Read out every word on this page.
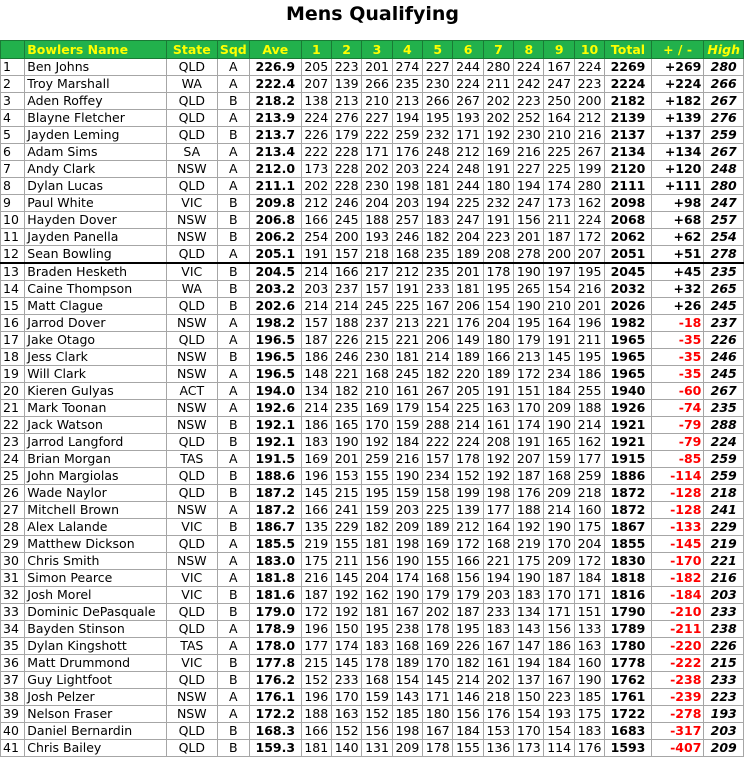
Mens Qualifying
	Bowlers Name	State	Sqd	Ave	1	2	3	4	5	6	7	8	9	10	Total	+ / -	High
1	Ben Johns	QLD	A	226.9	205	223	201	274	227	244	280	224	167	224	2269	+269	280
2	Troy Marshall	WA	A	222.4	207	139	266	235	230	224	211	242	247	223	2224	+224	266
3	Aden Roffey	QLD	B	218.2	138	213	210	213	266	267	202	223	250	200	2182	+182	267
4	Blayne Fletcher	QLD	A	213.9	224	276	227	194	195	193	202	252	164	212	2139	+139	276
5	Jayden Leming	QLD	B	213.7	226	179	222	259	232	171	192	230	210	216	2137	+137	259
6	Adam Sims	SA	A	213.4	222	228	171	176	248	212	169	216	225	267	2134	+134	267
7	Andy Clark	NSW	A	212.0	173	228	202	203	224	248	191	227	225	199	2120	+120	248
8	Dylan Lucas	QLD	A	211.1	202	228	230	198	181	244	180	194	174	280	2111	+111	280
9	Paul White	VIC	B	209.8	212	246	204	203	194	225	232	247	173	162	2098	+98	247
10	Hayden Dover	NSW	B	206.8	166	245	188	257	183	247	191	156	211	224	2068	+68	257
11	Jayden Panella	NSW	B	206.2	254	200	193	246	182	204	223	201	187	172	2062	+62	254
12	Sean Bowling	QLD	A	205.1	191	157	218	168	235	189	208	278	200	207	2051	+51	278
13	Braden Hesketh	VIC	B	204.5	214	166	217	212	235	201	178	190	197	195	2045	+45	235
14	Caine Thompson	WA	B	203.2	203	237	157	191	233	181	195	265	154	216	2032	+32	265
15	Matt Clague	QLD	B	202.6	214	214	245	225	167	206	154	190	210	201	2026	+26	245
16	Jarrod Dover	NSW	A	198.2	157	188	237	213	221	176	204	195	164	196	1982	-18	237
17	Jake Otago	QLD	A	196.5	187	226	215	221	206	149	180	179	191	211	1965	-35	226
18	Jess Clark	NSW	B	196.5	186	246	230	181	214	189	166	213	145	195	1965	-35	246
19	Will Clark	NSW	A	196.5	148	221	168	245	182	220	189	172	234	186	1965	-35	245
20	Kieren Gulyas	ACT	A	194.0	134	182	210	161	267	205	191	151	184	255	1940	-60	267
21	Mark Toonan	NSW	A	192.6	214	235	169	179	154	225	163	170	209	188	1926	-74	235
22	Jack Watson	NSW	B	192.1	186	165	170	159	288	214	161	174	190	214	1921	-79	288
23	Jarrod Langford	QLD	B	192.1	183	190	192	184	222	224	208	191	165	162	1921	-79	224
24	Brian Morgan	TAS	A	191.5	169	201	259	216	157	178	192	207	159	177	1915	-85	259
25	John Margiolas	QLD	B	188.6	196	153	155	190	234	152	192	187	168	259	1886	-114	259
26	Wade Naylor	QLD	B	187.2	145	215	195	159	158	199	198	176	209	218	1872	-128	218
27	Mitchell Brown	NSW	A	187.2	166	241	159	203	225	139	177	188	214	160	1872	-128	241
28	Alex Lalande	VIC	B	186.7	135	229	182	209	189	212	164	192	190	175	1867	-133	229
29	Matthew Dickson	QLD	A	185.5	219	155	181	198	169	172	168	219	170	204	1855	-145	219
30	Chris Smith	NSW	A	183.0	175	211	156	190	155	166	221	175	209	172	1830	-170	221
31	Simon Pearce	VIC	A	181.8	216	145	204	174	168	156	194	190	187	184	1818	-182	216
32	Josh Morel	VIC	B	181.6	187	192	162	190	179	179	203	183	170	171	1816	-184	203
33	Dominic DePasquale	QLD	B	179.0	172	192	181	167	202	187	233	134	171	151	1790	-210	233
34	Bayden Stinson	QLD	A	178.9	196	150	195	238	178	195	183	143	156	133	1789	-211	238
35	Dylan Kingshott	TAS	A	178.0	177	174	183	168	169	226	167	147	186	163	1780	-220	226
36	Matt Drummond	VIC	B	177.8	215	145	178	189	170	182	161	194	184	160	1778	-222	215
37	Guy Lightfoot	QLD	B	176.2	152	233	168	154	145	214	202	137	167	190	1762	-238	233
38	Josh Pelzer	NSW	A	176.1	196	170	159	143	171	146	218	150	223	185	1761	-239	223
39	Nelson Fraser	NSW	A	172.2	188	163	152	185	180	156	176	154	193	175	1722	-278	193
40	Daniel Bernardin	QLD	B	168.3	166	152	156	198	167	184	153	170	154	183	1683	-317	203
41	Chris Bailey	QLD	B	159.3	181	140	131	209	178	155	136	173	114	176	1593	-407	209
